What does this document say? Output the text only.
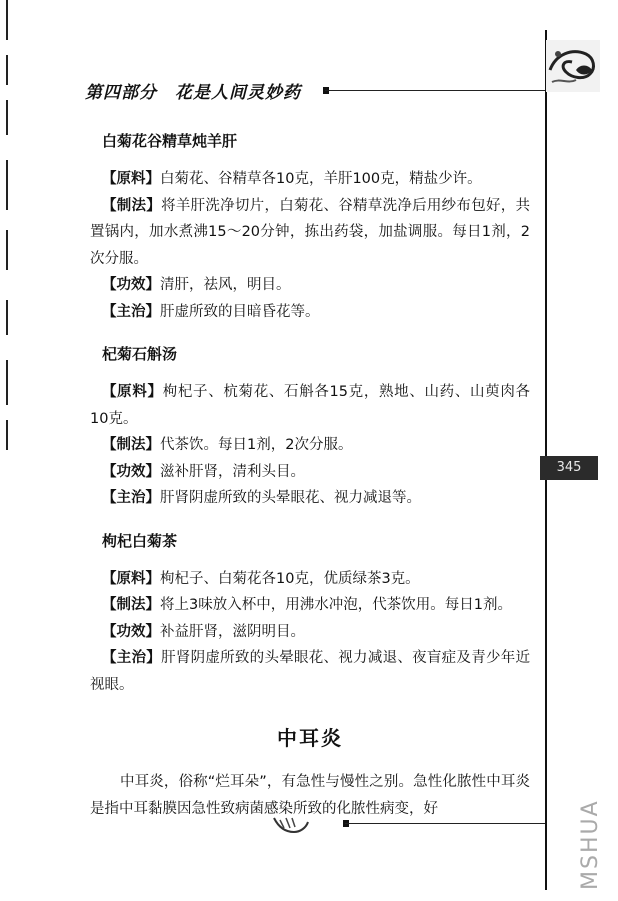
第四部分　花是人间灵妙药
345
白菊花谷精草炖羊肝
【原料】白菊花、谷精草各10克，羊肝100克，精盐少许。
【制法】将羊肝洗净切片，白菊花、谷精草洗净后用纱布包好，共置锅内，加水煮沸15～20分钟，拣出药袋，加盐调服。每日1剂，2次分服。
【功效】清肝，祛风，明目。
【主治】肝虚所致的目暗昏花等。
杞菊石斛汤
【原料】枸杞子、杭菊花、石斛各15克，熟地、山药、山萸肉各10克。
【制法】代茶饮。每日1剂，2次分服。
【功效】滋补肝肾，清利头目。
【主治】肝肾阴虚所致的头晕眼花、视力减退等。
枸杞白菊茶
【原料】枸杞子、白菊花各10克，优质绿茶3克。
【制法】将上3味放入杯中，用沸水冲泡，代茶饮用。每日1剂。
【功效】补益肝肾，滋阴明目。
【主治】肝肾阴虚所致的头晕眼花、视力减退、夜盲症及青少年近视眼。
中耳炎
中耳炎，俗称“烂耳朵”，有急性与慢性之别。急性化脓性中耳炎是指中耳黏膜因急性致病菌感染所致的化脓性病变，好	MSHUA
